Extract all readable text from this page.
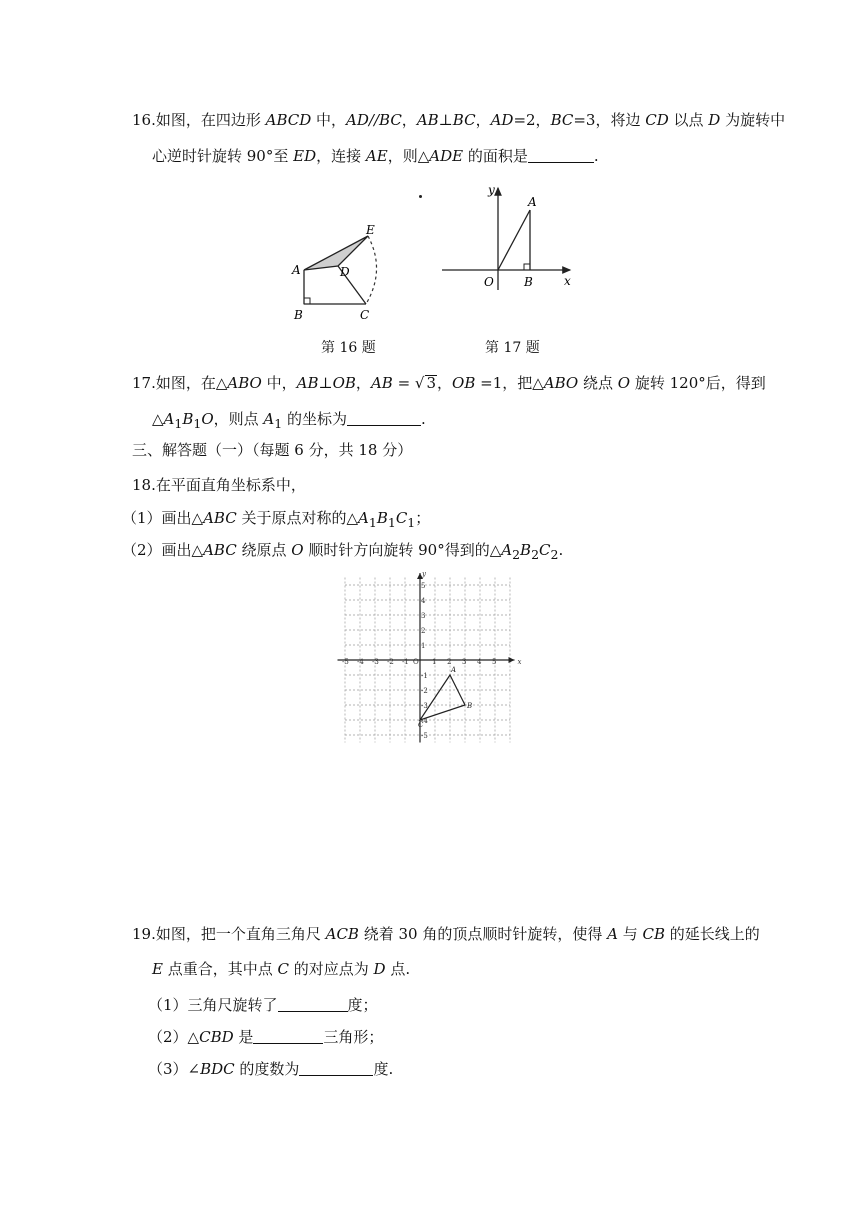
16.如图，在四边形 ABCD 中，AD//BC，AB⊥BC，AD=2，BC=3，将边 CD 以点 D 为旋转中
心逆时针旋转 90°至 ED，连接 AE，则△ADE 的面积是	.
A
B	C
D
E
y
x
O
A
B
第 16 题	第 17 题
17.如图，在△ABO 中，AB⊥OB，AB = √ 3，OB =1，把△ABO 绕点 O 旋转 120°后，得到
$\triangle A_1B_1O$，则点 $A_1$ 的坐标为	.
三、解答题（一）（每题 6 分，共 18 分）
18.在平面直角坐标系中，
（1）画出△ABC 关于原点对称的$\triangle A_1B_1C_1$；
（2）画出△ABC 绕原点 O 顺时针方向旋转 90°得到的$\triangle A_2B_2C_2$.
-5 -4 -3 -2 -1 O 1 2 3 4 5	x
y
5
4
3
2
1
-1
-2
-3
-4
-5
A
B
C
19.如图，把一个直角三角尺 ACB 绕着 30 角的顶点顺时针旋转，使得 A 与 CB 的延长线上的
E 点重合，其中点 C 的对应点为 D 点.
（1）三角尺旋转了	度；
（2）△CBD 是	三角形；
（3）∠BDC 的度数为	度.
